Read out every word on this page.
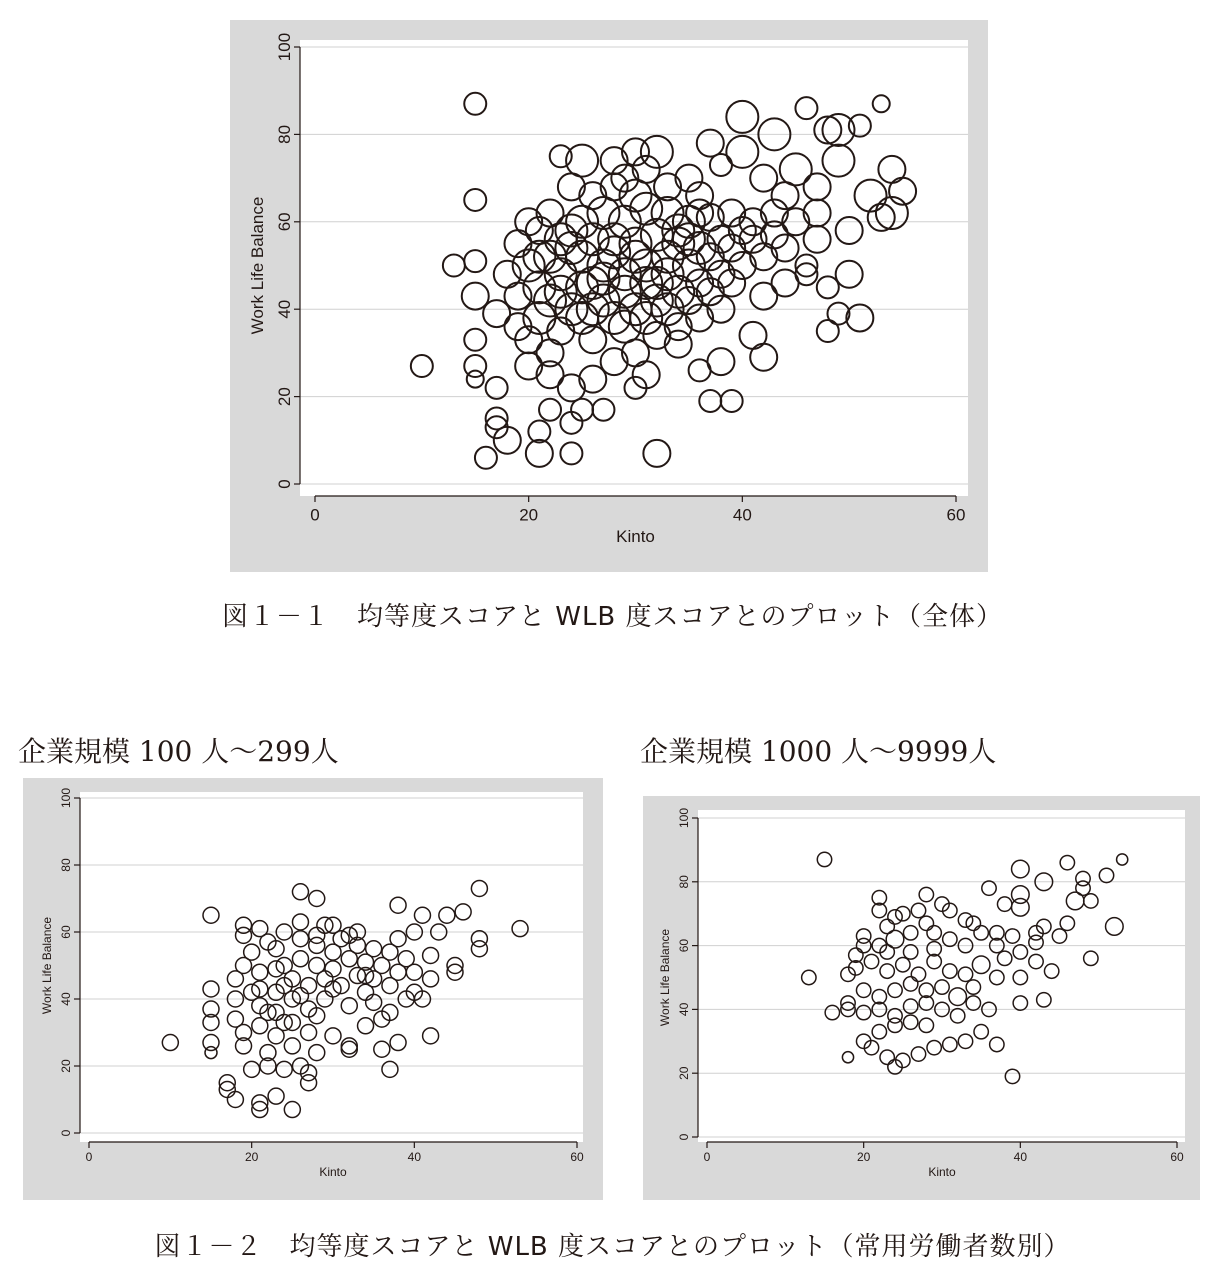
0
20
40
60
80
100
0	20	40	60
Kinto
Work Life Balance
図１－１　均等度スコアと WLB 度スコアとのプロット（全体）
企業規模 100 人～299人	企業規模 1000 人～9999人
0
20
40
60
80
100
0	20	40	60
Kinto
Work Life Balance
0
20
40
60
80
100
0	20	40	60
Kinto
Work Life Balance
図１－２　均等度スコアと WLB 度スコアとのプロット（常用労働者数別）
